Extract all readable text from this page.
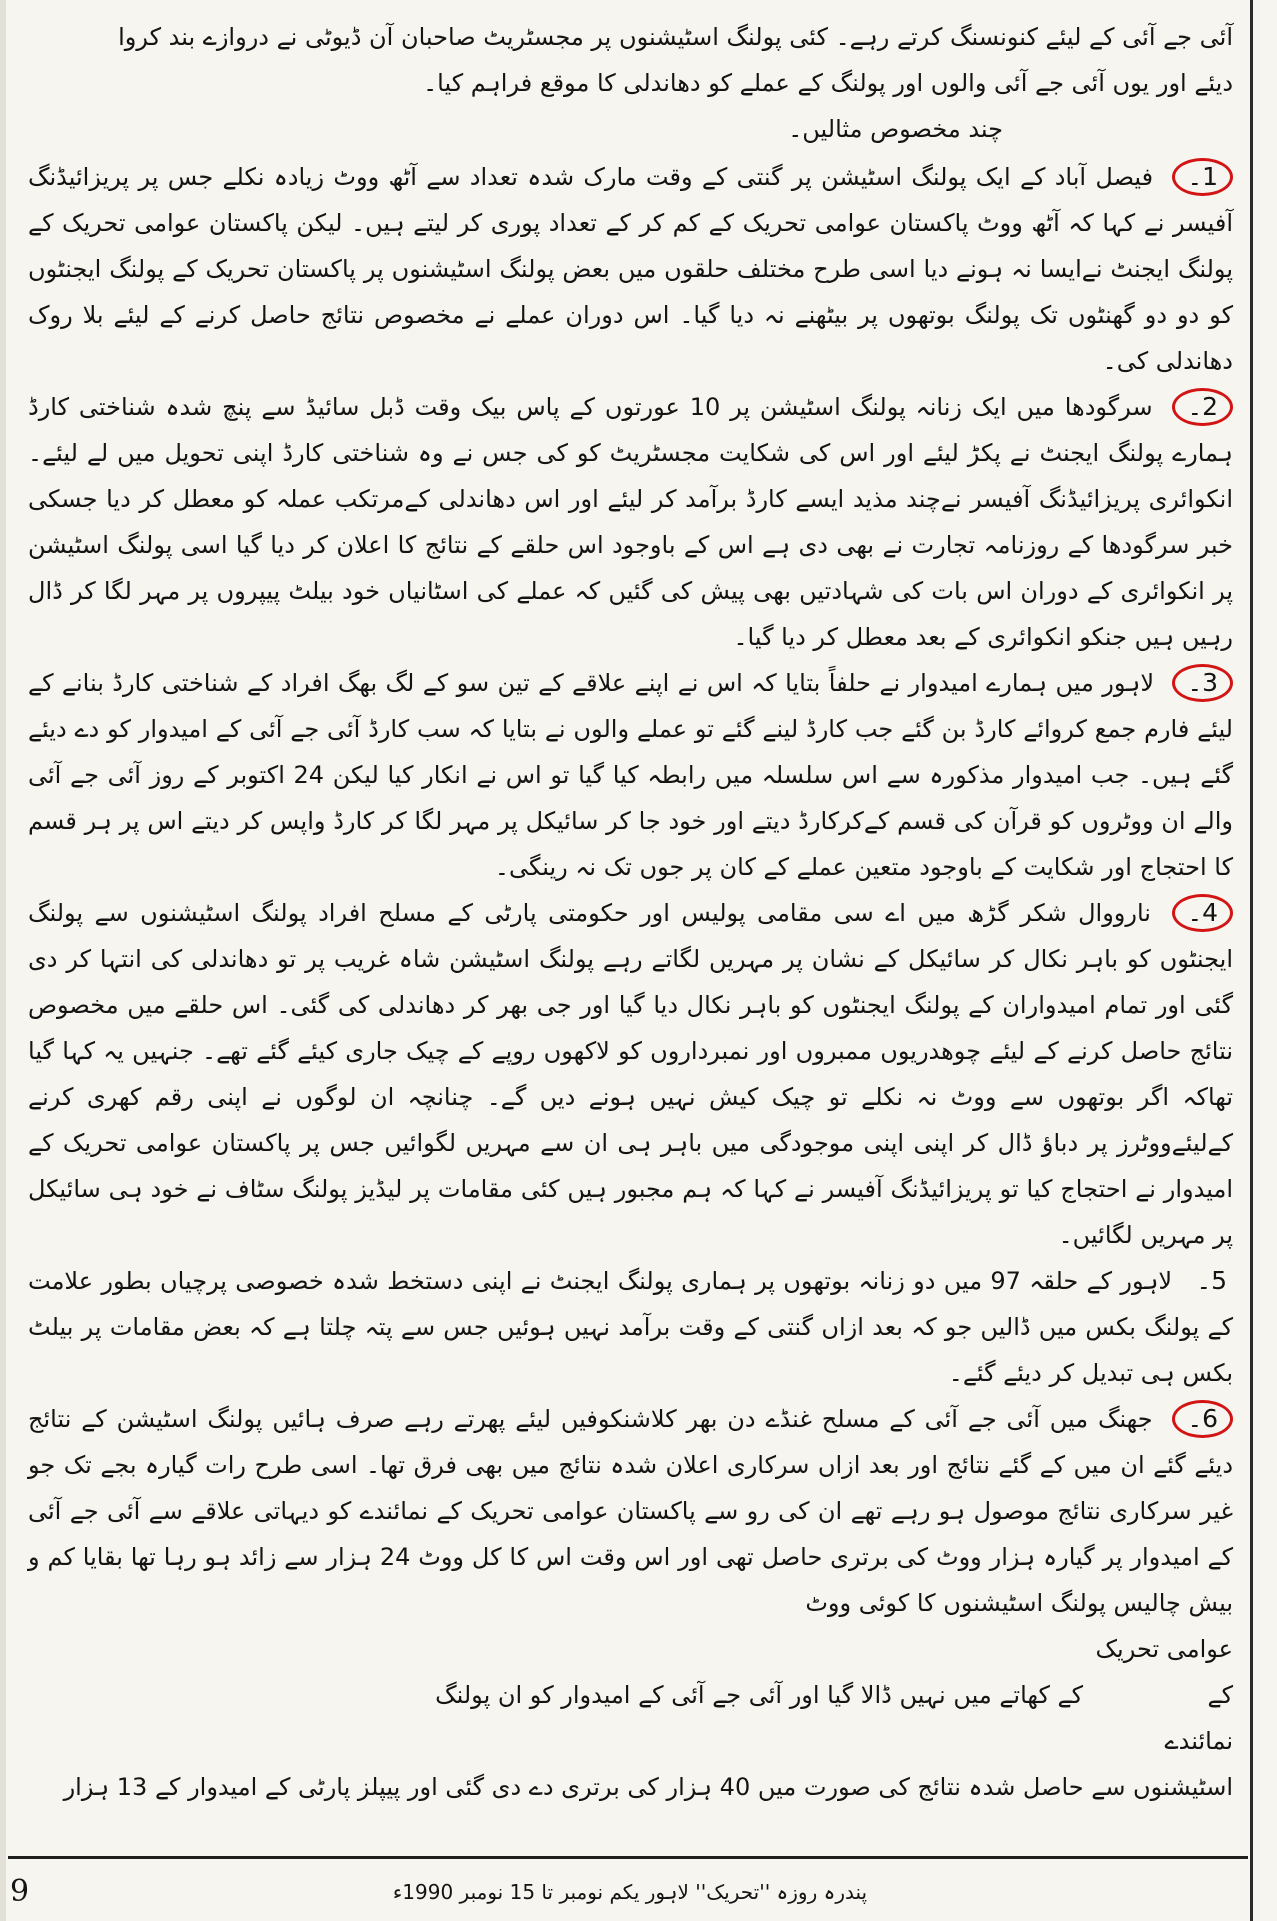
آئی جے آئی کے لیئے کنونسنگ کرتے رہے۔ کئی پولنگ اسٹیشنوں پر مجسٹریٹ صاحبان آن ڈیوٹی نے دروازے بند کروا

دیئے اور یوں آئی جے آئی والوں اور پولنگ کے عملے کو دھاندلی کا موقع فراہم کیا۔

چند مخصوص مثالیں۔

1۔ فیصل آباد کے ایک پولنگ اسٹیشن پر گنتی کے وقت مارک شدہ تعداد سے آٹھ ووٹ زیادہ نکلے جس پر پریزائیڈنگ آفیسر نے کہا کہ آٹھ ووٹ پاکستان عوامی تحریک کے کم کر کے تعداد پوری کر لیتے ہیں۔ لیکن پاکستان عوامی تحریک کے پولنگ ایجنٹ نےایسا نہ ہونے دیا اسی طرح مختلف حلقوں میں بعض پولنگ اسٹیشنوں پر پاکستان تحریک کے پولنگ ایجنٹوں کو دو دو گھنٹوں تک پولنگ بوتھوں پر بیٹھنے نہ دیا گیا۔ اس دوران عملے نے مخصوص نتائج حاصل کرنے کے لیئے بلا روک دھاندلی کی۔

2۔ سرگودھا میں ایک زنانہ پولنگ اسٹیشن پر 10 عورتوں کے پاس بیک وقت ڈبل سائیڈ سے پنچ شدہ شناختی کارڈ ہمارے پولنگ ایجنٹ نے پکڑ لیئے اور اس کی شکایت مجسٹریٹ کو کی جس نے وہ شناختی کارڈ اپنی تحویل میں لے لیئے۔ انکوائری پریزائیڈنگ آفیسر نےچند مذید ایسے کارڈ برآمد کر لیئے اور اس دھاندلی کےمرتکب عملہ کو معطل کر دیا جسکی خبر سرگودھا کے روزنامہ تجارت نے بھی دی ہے اس کے باوجود اس حلقے کے نتائج کا اعلان کر دیا گیا اسی پولنگ اسٹیشن پر انکوائری کے دوران اس بات کی شہادتیں بھی پیش کی گئیں کہ عملے کی اسٹانیاں خود بیلٹ پیپروں پر مہر لگا کر ڈال رہیں ہیں جنکو انکوائری کے بعد معطل کر دیا گیا۔

3۔ لاہور میں ہمارے امیدوار نے حلفاً بتایا کہ اس نے اپنے علاقے کے تین سو کے لگ بھگ افراد کے شناختی کارڈ بنانے کے لیئے فارم جمع کروائے کارڈ بن گئے جب کارڈ لینے گئے تو عملے والوں نے بتایا کہ سب کارڈ آئی جے آئی کے امیدوار کو دے دیئے گئے ہیں۔ جب امیدوار مذکورہ سے اس سلسلہ میں رابطہ کیا گیا تو اس نے انکار کیا لیکن 24 اکتوبر کے روز آئی جے آئی والے ان ووٹروں کو قرآن کی قسم کےکرکارڈ دیتے اور خود جا کر سائیکل پر مہر لگا کر کارڈ واپس کر دیتے اس پر ہر قسم کا احتجاج اور شکایت کے باوجود متعین عملے کے کان پر جوں تک نہ رینگی۔

4۔ نارووال شکر گڑھ میں اے سی مقامی پولیس اور حکومتی پارٹی کے مسلح افراد پولنگ اسٹیشنوں سے پولنگ ایجنٹوں کو باہر نکال کر سائیکل کے نشان پر مہریں لگاتے رہے پولنگ اسٹیشن شاہ غریب پر تو دھاندلی کی انتہا کر دی گئی اور تمام امیدواران کے پولنگ ایجنٹوں کو باہر نکال دیا گیا اور جی بھر کر دھاندلی کی گئی۔ اس حلقے میں مخصوص نتائج حاصل کرنے کے لیئے چوھدریوں ممبروں اور نمبرداروں کو لاکھوں روپے کے چیک جاری کیئے گئے تھے۔ جنہیں یہ کہا گیا تھاکہ اگر بوتھوں سے ووٹ نہ نکلے تو چیک کیش نہیں ہونے دیں گے۔ چنانچہ ان لوگوں نے اپنی رقم کھری کرنے کےلیئےووٹرز پر دباؤ ڈال کر اپنی اپنی موجودگی میں باہر ہی ان سے مہریں لگوائیں جس پر پاکستان عوامی تحریک کے امیدوار نے احتجاج کیا تو پریزائیڈنگ آفیسر نے کہا کہ ہم مجبور ہیں کئی مقامات پر لیڈیز پولنگ سٹاف نے خود ہی سائیکل پر مہریں لگائیں۔

5۔ لاہور کے حلقہ 97 میں دو زنانہ بوتھوں پر ہماری پولنگ ایجنٹ نے اپنی دستخط شدہ خصوصی پرچیاں بطور علامت کے پولنگ بکس میں ڈالیں جو کہ بعد ازاں گنتی کے وقت برآمد نہیں ہوئیں جس سے پتہ چلتا ہے کہ بعض مقامات پر بیلٹ بکس ہی تبدیل کر دیئے گئے۔

6۔ جھنگ میں آئی جے آئی کے مسلح غنڈے دن بھر کلاشنکوفیں لیئے پھرتے رہے صرف ہائیں پولنگ اسٹیشن کے نتائج دیئے گئے ان میں کے گئے نتائج اور بعد ازاں سرکاری اعلان شدہ نتائج میں بھی فرق تھا۔ اسی طرح رات گیارہ بجے تک جو غیر سرکاری نتائج موصول ہو رہے تھے ان کی رو سے پاکستان عوامی تحریک کے نمائندے کو دیہاتی علاقے سے آئی جے آئی کے امیدوار پر گیارہ ہزار ووٹ کی برتری حاصل تھی اور اس وقت اس کا کل ووٹ 24 ہزار سے زائد ہو رہا تھا بقایا کم و بیش چالیس پولنگ اسٹیشنوں کا کوئی ووٹ

عوامی تحریک کے
نمائندے
کے کھاتے میں نہیں ڈالا گیا اور آئی جے آئی کے امیدوار کو ان پولنگ

اسٹیشنوں سے حاصل شدہ نتائج کی صورت میں 40 ہزار کی برتری دے دی گئی اور پیپلز پارٹی کے امیدوار کے 13 ہزار

9	پندرہ روزہ ''تحریک'' لاہور یکم نومبر تا 15 نومبر 1990ء
